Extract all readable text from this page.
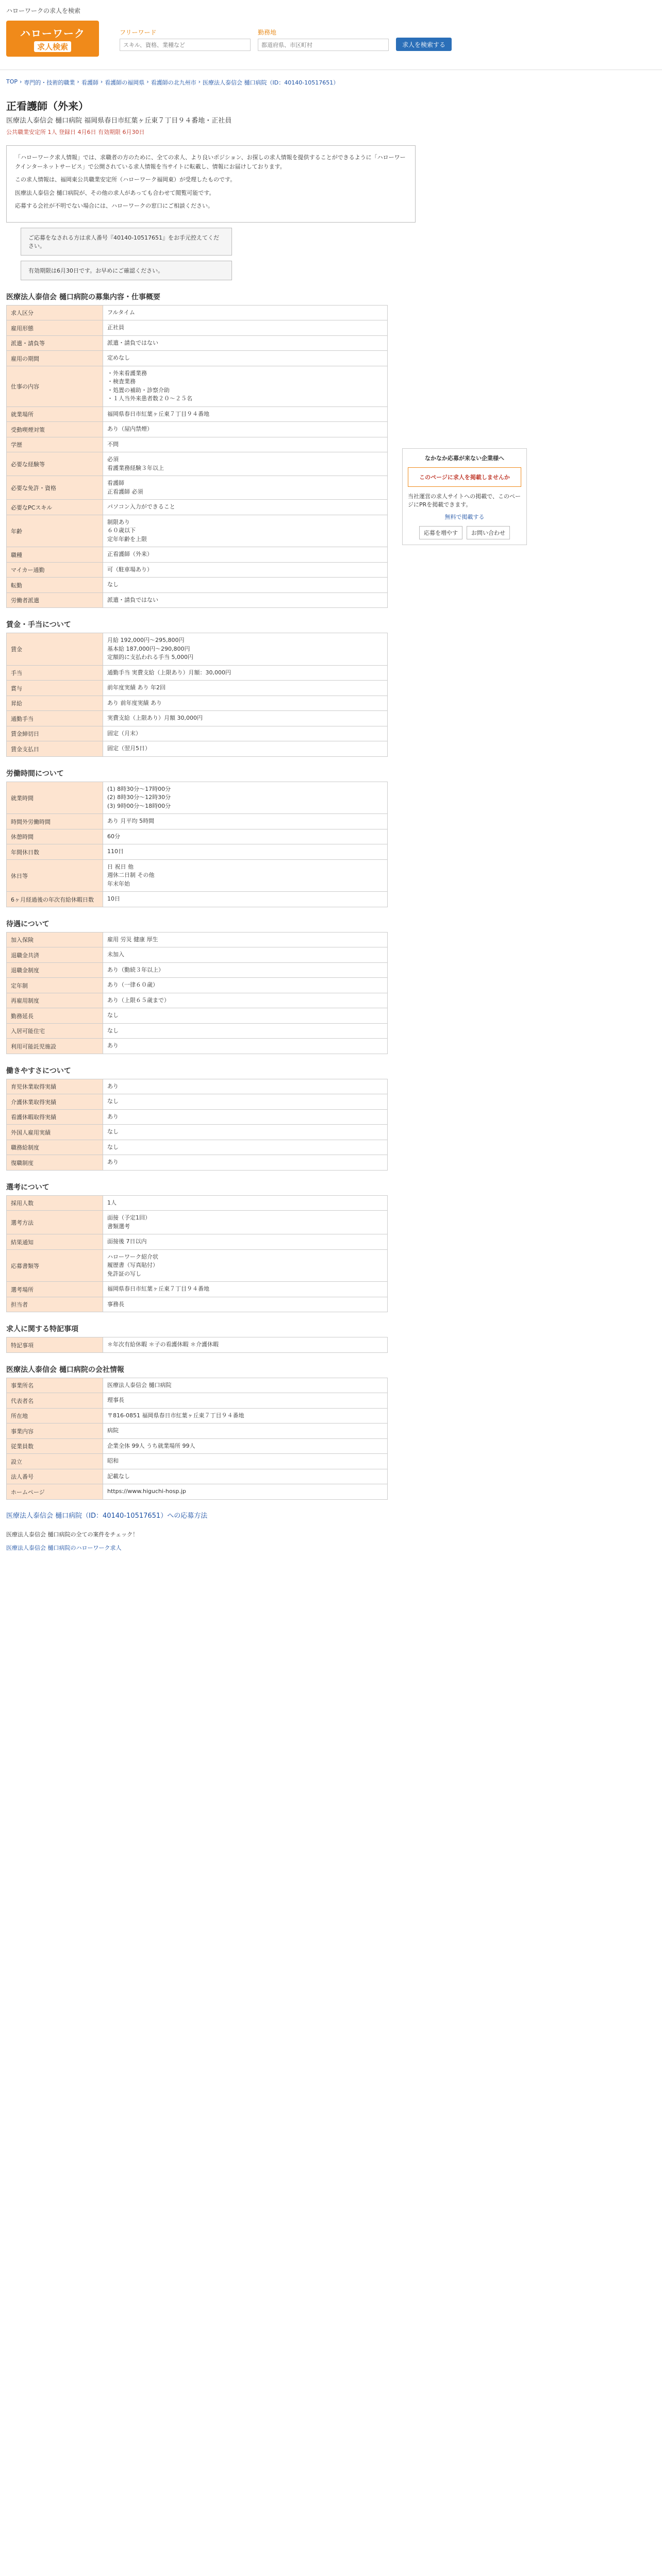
ハローワークの求人を検索
ハローワーク
求人検索
フリーワード
スキル、資格、業種など	勤務地
都道府県、市区町村
求人を検索する
TOP › 専門的・技術的職業 › 看護師 › 看護師の福岡県 › 看護師の北九州市 › 医療法人泰信会 樋口病院（ID：40140-10517651）
正看護師（外来）
医療法人泰信会 樋口病院 福岡県春日市紅葉ヶ丘東７丁目９４番地・正社員
公共職業安定所 1人 登録日 4月6日 有効期限 6月30日

「ハローワーク求人情報」では、求職者の方のために、全ての求人、より良いポジション、お探しの求人情報を提供することができるように「ハローワークインターネットサービス」で公開されている求人情報を当サイトに転載し、情報にお届けしております。

この求人情報は、福岡東公共職業安定所（ハローワーク福岡東）が受理したものです。

医療法人泰信会 樋口病院が、その他の求人があっても合わせて閲覧可能です。

応募する会社が不明でない場合には、ハローワークの窓口にご相談ください。

ご応募をなされる方は求人番号『40140-10517651』をお手元控えてください。
有効期限は6月30日です。お早めにご確認ください。
医療法人泰信会 樋口病院の募集内容・仕事概要
求人区分	フルタイム
雇用形態	正社員
派遣・請負等	派遣・請負ではない
雇用の期間	定めなし
仕事の内容	・外来看護業務
・検査業務
・処置の補助・診察介助
・１人当外来患者数２０～２５名
就業場所	福岡県春日市紅葉ヶ丘東７丁目９４番地
受動喫煙対策	あり（屋内禁煙）
学歴	不問
必要な経験等	必須
看護業務経験３年以上
必要な免許・資格	看護師
正看護師 必須
必要なPCスキル	パソコン入力ができること
年齢	制限あり
６０歳以下
定年年齢を上限
職種	正看護師（外来）
マイカー通勤	可（駐車場あり）
転勤	なし
労働者派遣	派遣・請負ではない
賃金・手当について
賃金	月給 192,000円〜295,800円
基本給 187,000円〜290,800円
定額的に支払われる手当 5,000円
手当	通勤手当 実費支給（上限あり）月額：30,000円
賞与	前年度実績 あり 年2回
昇給	あり 前年度実績 あり
通勤手当	実費支給（上限あり）月額 30,000円
賃金締切日	固定（月末）
賃金支払日	固定（翌月5日）
労働時間について
就業時間	(1) 8時30分〜17時00分
(2) 8時30分〜12時30分
(3) 9時00分〜18時00分
時間外労働時間	あり 月平均 5時間
休憩時間	60分
年間休日数	110日
休日等	日 祝日 他
週休二日制 その他
年末年始
6ヶ月経過後の年次有給休暇日数	10日
待遇について
加入保険	雇用 労災 健康 厚生
退職金共済	未加入
退職金制度	あり（勤続３年以上）
定年制	あり（一律６０歳）
再雇用制度	あり（上限６５歳まで）
勤務延長	なし
入居可能住宅	なし
利用可能託児施設	あり
働きやすさについて
育児休業取得実績	あり
介護休業取得実績	なし
看護休暇取得実績	あり
外国人雇用実績	なし
職務給制度	なし
復職制度	あり
選考について
採用人数	1人
選考方法	面接（予定1回）
書類選考
結果通知	面接後 7日以内
応募書類等	ハローワーク紹介状
履歴書（写真貼付）
免許証の写し
選考場所	福岡県春日市紅葉ヶ丘東７丁目９４番地
担当者	事務長
求人に関する特記事項
特記事項	＊年次有給休暇 ＊子の看護休暇 ＊介護休暇
医療法人泰信会 樋口病院の会社情報
事業所名	医療法人泰信会 樋口病院
代表者名	理事長
所在地	〒816-0851 福岡県春日市紅葉ヶ丘東７丁目９４番地
事業内容	病院
従業員数	企業全体 99人 うち就業場所 99人
設立	昭和
法人番号	記載なし
ホームページ	https://www.higuchi-hosp.jp
医療法人泰信会 樋口病院（ID：40140-10517651）への応募方法
医療法人泰信会 樋口病院の全ての案件をチェック！
医療法人泰信会 樋口病院のハローワーク求人
なかなか応募が来ない企業様へ
このページに求人を掲載しませんか
当社運営の求人サイトへの掲載で、このページにPRを掲載できます。
無料で掲載する
応募を増やす	お問い合わせ
